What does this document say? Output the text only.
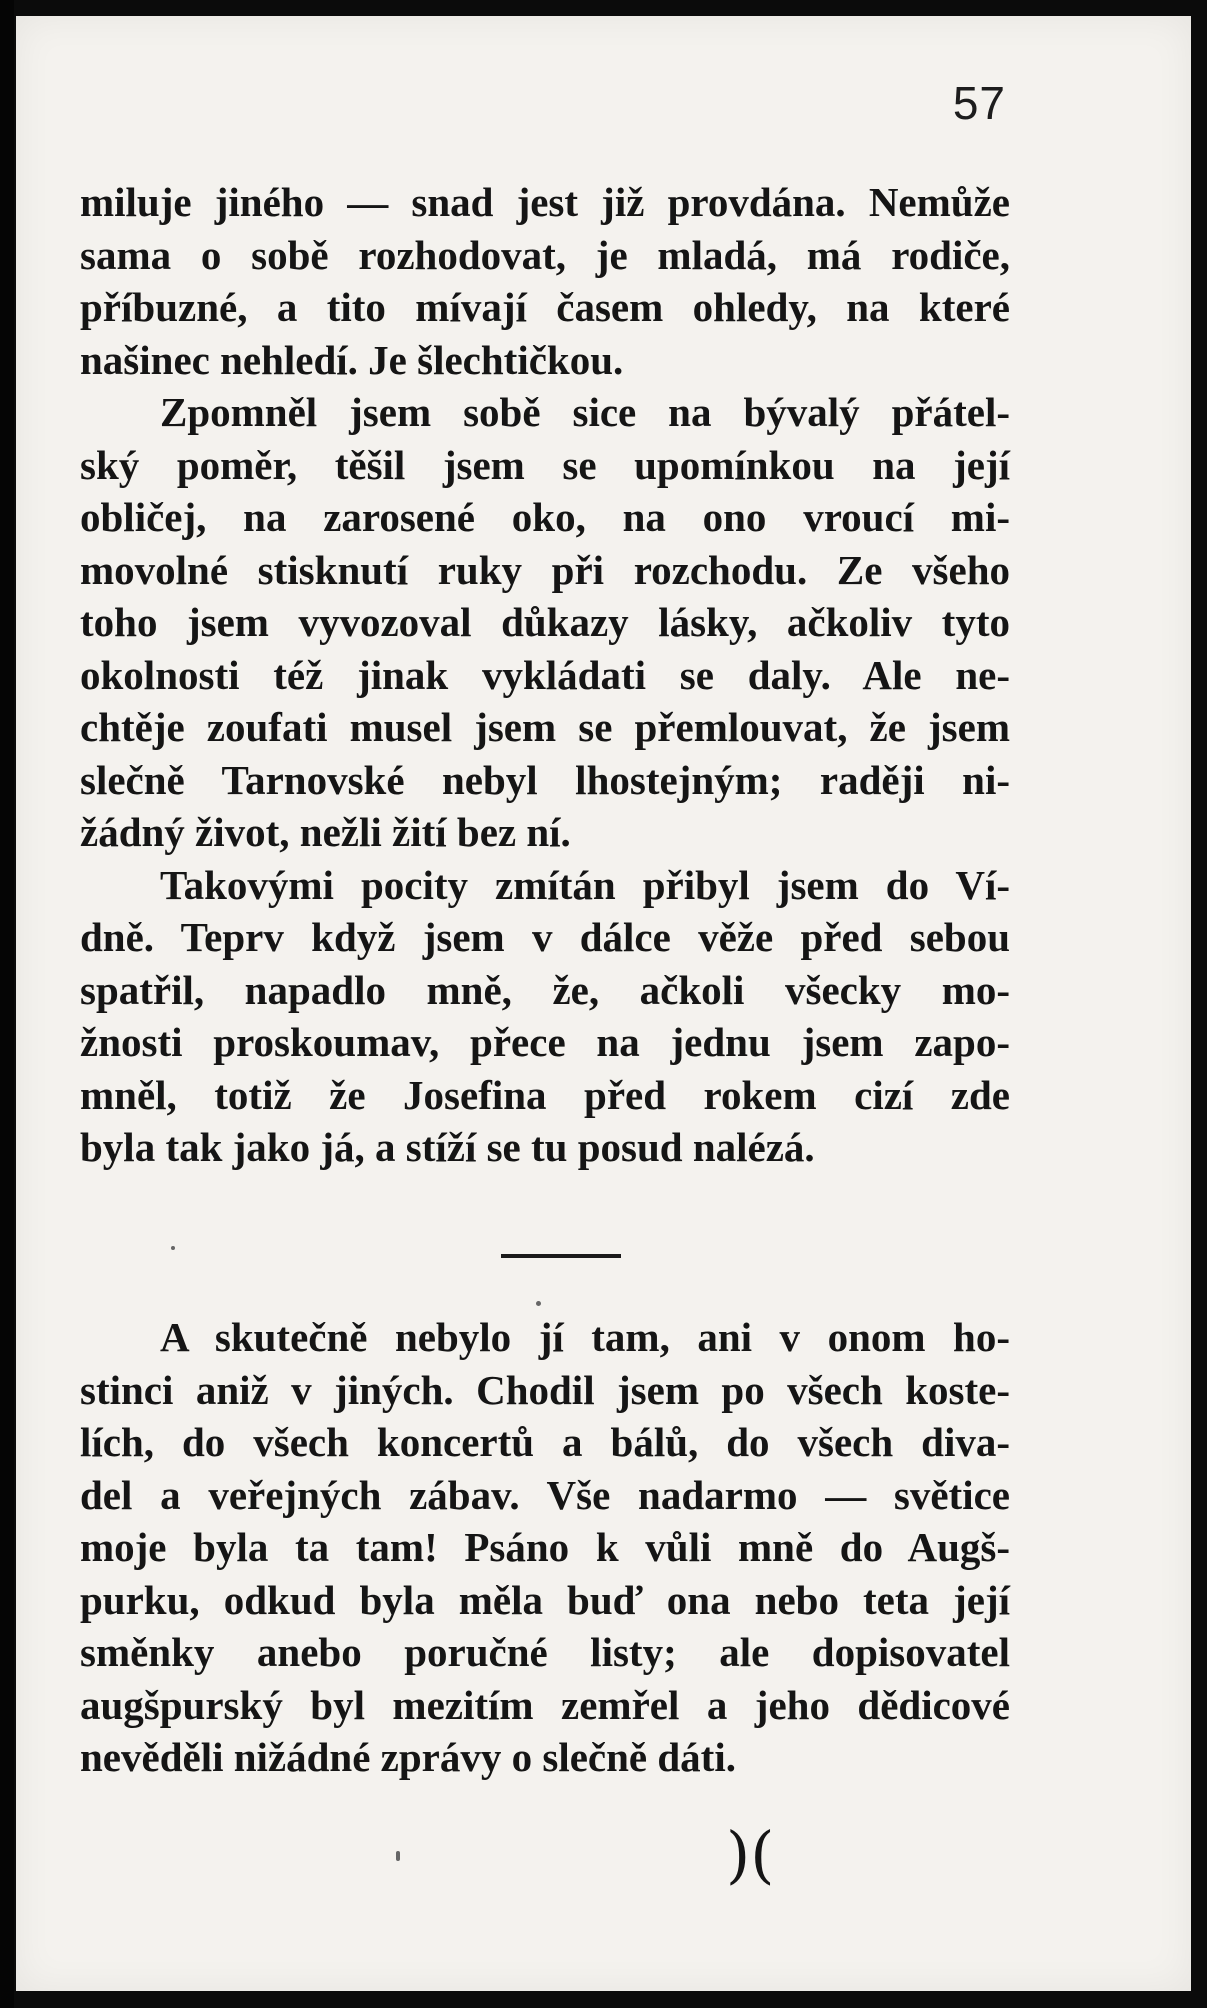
57
miluje jiného — snad jest již provdána. Nemůže
sama o sobě rozhodovat, je mladá, má rodiče,
příbuzné, a tito mívají časem ohledy, na které
našinec nehledí. Je šlechtičkou.
Zpomněl jsem sobě sice na bývalý přátel-
ský poměr, těšil jsem se upomínkou na její
obličej, na zarosené oko, na ono vroucí mi-
movolné stisknutí ruky při rozchodu. Ze všeho
toho jsem vyvozoval důkazy lásky, ačkoliv tyto
okolnosti též jinak vykládati se daly. Ale ne-
chtěje zoufati musel jsem se přemlouvat, že jsem
slečně Tarnovské nebyl lhostejným; raději ni-
žádný život, nežli žití bez ní.
Takovými pocity zmítán přibyl jsem do Ví-
dně. Teprv když jsem v dálce věže před sebou
spatřil, napadlo mně, že, ačkoli všecky mo-
žnosti proskoumav, přece na jednu jsem zapo-
mněl, totiž že Josefina před rokem cizí zde
byla tak jako já, a stíží se tu posud nalézá.
A skutečně nebylo jí tam, ani v onom ho-
stinci aniž v jiných. Chodil jsem po všech koste-
lích, do všech koncertů a bálů, do všech diva-
del a veřejných zábav. Vše nadarmo — světice
moje byla ta tam! Psáno k vůli mně do Augš-
purku, odkud byla měla buď ona nebo teta její
směnky anebo poručné listy; ale dopisovatel
augšpurský byl mezitím zemřel a jeho dědicové
nevěděli nižádné zprávy o slečně dáti.
)(
